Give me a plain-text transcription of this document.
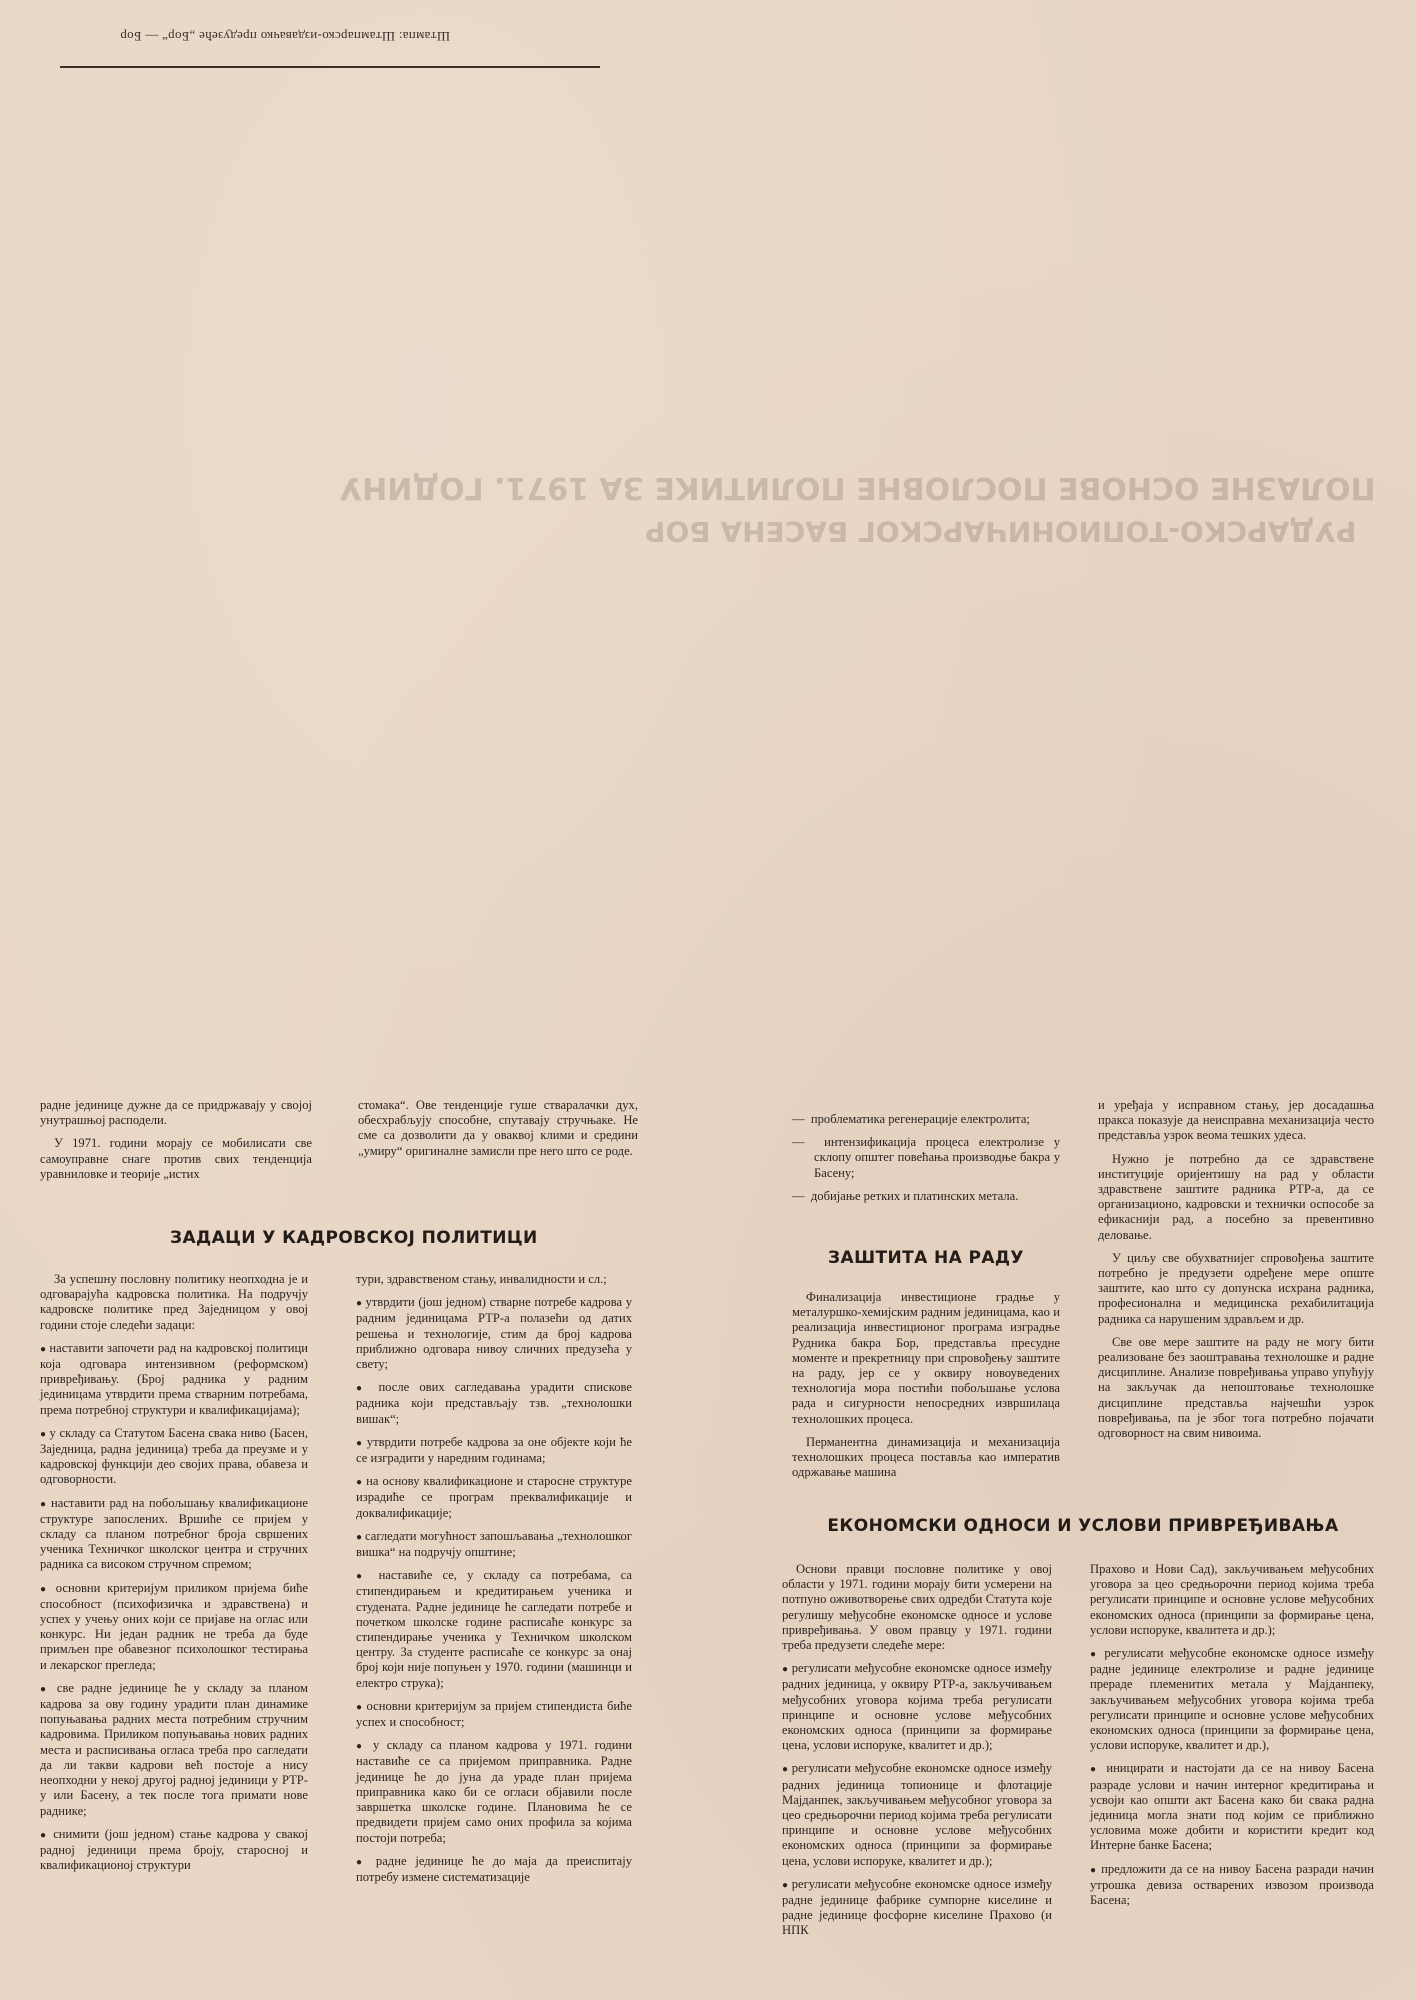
Штампа: Штампарско-издавачко предузеће „Бор“ — Бор
ПОЛАЗНЕ ОСНОВЕ ПОСЛОВНЕ ПОЛИТИКЕ ЗА 1971. ГОДИНУ
РУДАРСКО-ТОПИОНИЧАРСКОГ БАСЕНА БОР

радне јединице дужне да се придржавају у својој унутрашњој расподели.

У 1971. години морају се мобилисати све самоуправне снаге против свих тенденција уравниловке и теорије „истих

стомака“. Ове тенденције гуше стваралачки дух, обесхрабљују способне, спутавају стручњаке. Не сме са дозволити да у оваквој клими и средини „умиру“ оригиналне замисли пре него што се роде.

—  проблематика регенерације електролита;

—  интензификација процеса електролизе у склопу општег повећања производње бакра у Басену;

—  добијање ретких и платинских метала.

и уређаја у исправном стању, јер досадашња пракса показује да неисправна механизација често представља узрок веома тешких удеса.

Нужно је потребно да се здравствене институције оријентишу на рад у области здравствене заштите радника РТР-а, да се организационо, кадровски и технички оспособе за ефикаснији рад, а посебно за превентивно деловање.

У циљу све обухватнијег спровођења заштите потребно је предузети одређене мере опште заштите, као што су допунска исхрана радника, професионална и медицинска рехабилитација радника са нарушеним здрављем и др.

Све ове мере заштите на раду не могу бити реализоване без заоштравања технолошке и радне дисциплине. Анализе повређивања управо упућују на закључак да непоштовање технолошке дисциплине представља најчешћи узрок повређивања, па је због тога потребно појачати одговорност на свим нивоима.

ЗАДАЦИ У КАДРОВСКОЈ ПОЛИТИЦИ

За успешну пословну политику неопходна је и одговарајућа кадровска политика. На подручју кадровске политике пред Заједницом у овој години стоје следећи задаци:

● наставити започети рад на кадровској политици која одговара интензивном (реформском) привређивању. (Број радника у радним јединицама утврдити према стварним потребама, према потребној структури и квалификацијама);

● у складу са Статутом Басена свака ниво (Басен, Заједница, радна јединица) треба да преузме и у кадровској функцији део својих права, обавеза и одговорности.

● наставити рад на побољшању квалификационе структуре запослених. Вршиће се пријем у складу са планом потребног броја свршених ученика Техничког школског центра и стручних радника са високом стручном спремом;

● основни критеријум приликом пријема биће способност (психофизичка и здравствена) и успех у учењу оних који се пријаве на оглас или конкурс. Ни један радник не треба да буде примљен пре обавезног психолошког тестирања и лекарског прегледа;

● све радне јединице ће у складу за планом кадрова за ову годину урадити план динамике попуњавања радних места потребним стручним кадровима. Приликом попуњавања нових радних места и расписивања огласа треба про сагледати да ли такви кадрови већ постоје а нису неопходни у некој другој радној јединици у РТР-у или Басену, а тек после тога примати нове раднике;

● снимити (још једном) стање кадрова у свакој радној јединици према броју, старосној и квалификационој структури

тури, здравственом стању, инвалидности и сл.;

● утврдити (још једном) стварне потребе кадрова у радним јединицама РТР-а полазећи од датих решења и технологије, стим да број кадрова приближно одговара нивоу сличних предузећа у свету;

● после ових сагледавања урадити спискове радника који представљају тзв. „технолошки вишак“;

● утврдити потребе кадрова за оне објекте који ће се изградити у наредним годинама;

● на основу квалификационе и старосне структуре израдиће се програм преквалификације и доквалификације;

● сагледати могућност запошљавања „технолошког вишка“ на подручју општине;

● наставиће се, у складу са потребама, са стипендирањем и кредитирањем ученика и студената. Радне јединице ће сагледати потребе и почетком школске године расписаће конкурс за стипендирање ученика у Техничком школском центру. За студенте расписаће се конкурс за онај број који није попуњен у 1970. години (машинци и електро струка);

● основни критеријум за пријем стипендиста биће успех и способност;

● у складу са планом кадрова у 1971. години наставиће се са пријемом приправника. Радне јединице ће до јуна да ураде план пријема приправника како би се огласи објавили после завршетка школске године. Плановима ће се предвидети пријем само оних профила за којима постоји потреба;

● радне јединице ће до маја да преиспитају потребу измене систематизације

ЗАШТИТА НА РАДУ

Финализација инвестиционе градње у металуршко-хемијским радним јединицама, као и реализација инвестиционог програма изградње Рудника бакра Бор, представља пресудне моменте и прекретницу при спровођењу заштите на раду, јер се у оквиру новоуведених технологија мора постићи побољшање услова рада и сигурности непосредних извршилаца технолошких процеса.

Перманентна динамизација и механизација технолошких процеса поставља као императив одржавање машина

ЕКОНОМСКИ ОДНОСИ И УСЛОВИ ПРИВРЕЂИВАЊА

Основи правци пословне политике у овој области у 1971. години морају бити усмерени на потпуно оживотворење свих одредби Статута које регулишу међусобне економске односе и услове привређивања. У овом правцу у 1971. години треба предузети следеће мере:

● регулисати међусобне економске односе између радних јединица, у оквиру РТР-а, закључивањем међусобних уговора којима треба регулисати принципе и основне услове међусобних економских односа (принципи за формирање цена, услови испоруке, квалитет и др.);

● регулисати међусобне економске односе између радних јединица топионице и флотације Мајданпек, закључивањем међусобног уговора за цео средњорочни период којима треба регулисати принципе и основне услове међусобних економских односа (принципи за формирање цена, услови испоруке, квалитет и др.);

● регулисати међусобне економске односе између радне јединице фабрике сумпорне киселине и радне јединице фосфорне киселине Прахово (и НПК

Прахово и Нови Сад), закључивањем међусобних уговора за цео средњорочни период којима треба регулисати принципе и основне услове међусобних економских односа (принципи за формирање цена, услови испоруке, квалитета и др.);

● регулисати међусобне економске односе између радне јединице електролизе и радне јединице прераде племенитих метала у Мајданпеку, закључивањем међусобних уговора којима треба регулисати принципе и основне услове међусобних економских односа (принципи за формирање цена, услови испоруке, квалитет и др.),

● иницирати и настојати да се на нивоу Басена разраде услови и начин интерног кредитирања и усвоји као општи акт Басена како би свака радна јединица могла знати под којим се приближно условима може добити и користити кредит код Интерне банке Басена;

● предложити да се на нивоу Басена разради начин утрошка девиза остварених извозом производа Басена;
